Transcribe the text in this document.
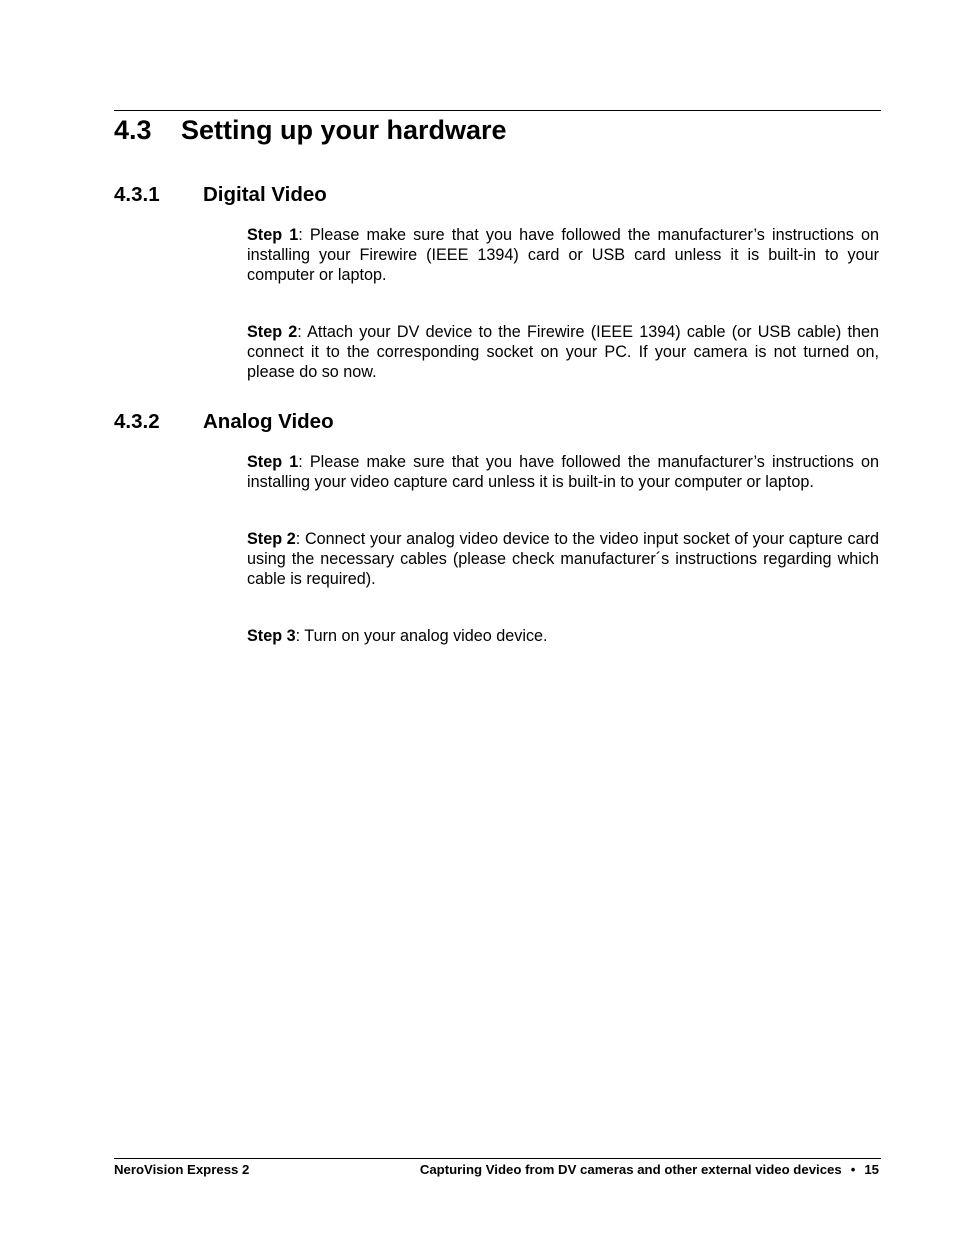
4.3 Setting up your hardware
4.3.1 Digital Video
Step 1: Please make sure that you have followed the manufacturer’s instructions on installing your Firewire (IEEE 1394) card or USB card unless it is built-in to your computer or laptop.
Step 2: Attach your DV device to the Firewire (IEEE 1394) cable (or USB cable) then connect it to the corresponding socket on your PC. If your camera is not turned on, please do so now.
4.3.2 Analog Video
Step 1: Please make sure that you have followed the manufacturer’s instructions on installing your video capture card unless it is built-in to your computer or laptop.
Step 2: Connect your analog video device to the video input socket of your capture card using the necessary cables (please check manufacturer´s instructions regarding which cable is required).
Step 3: Turn on your analog video device.
NeroVision Express 2	Capturing Video from DV cameras and other external video devices • 15
